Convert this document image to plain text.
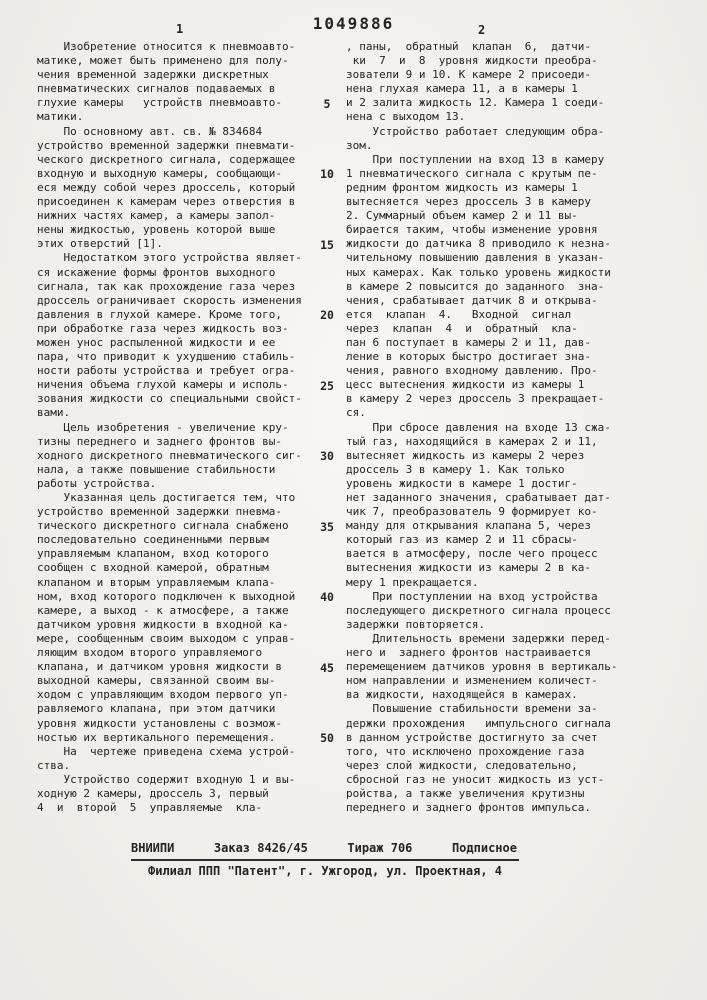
1049886
1	2
Изобретение относится к пневмоавто-
матике, может быть применено для полу-
чения временной задержки дискретных
пневматических сигналов подаваемых в
глухие камеры   устройств пневмоавто-
матики.
По основному авт. св. № 834684
устройство временной задержки пневмати-
ческого дискретного сигнала, содержащее
входную и выходную камеры, сообщающи-
еся между собой через дроссель, который
присоединен к камерам через отверстия в
нижних частях камер, а камеры запол-
нены жидкостью, уровень которой выше
этих отверстий [1].
Недостатком этого устройства являет-
ся искажение формы фронтов выходного
сигнала, так как прохождение газа через
дроссель ограничивает скорость изменения
давления в глухой камере. Кроме того,
при обработке газа через жидкость воз-
можен унос распыленной жидкости и ее
пара, что приводит к ухудшению стабиль-
ности работы устройства и требует огра-
ничения объема глухой камеры и исполь-
зования жидкости со специальными свойст-
вами.
Цель изобретения - увеличение кру-
тизны переднего и заднего фронтов вы-
ходного дискретного пневматического сиг-
нала, а также повышение стабильности
работы устройства.
Указанная цель достигается тем, что
устройство временной задержки пневма-
тического дискретного сигнала снабжено
последовательно соединенными первым
управляемым клапаном, вход которого
сообщен с входной камерой, обратным
клапаном и вторым управляемым клапа-
ном, вход которого подключен к выходной
камере, а выход - к атмосфере, а также
датчиком уровня жидкости в входной ка-
мере, сообщенным своим выходом с управ-
ляющим входом второго управляемого
клапана, и датчиком уровня жидкости в
выходной камеры, связанной своим вы-
ходом с управляющим входом первого уп-
равляемого клапана, при этом датчики
уровня жидкости установлены с возмож-
ностью их вертикального перемещения.
На  чертеже приведена схема устрой-
ства.
Устройство содержит входную 1 и вы-
ходную 2 камеры, дроссель 3, первый
4  и  второй  5  управляемые  кла-
5
10
15
20
25
30
35
40
45
50
, паны,  обратный  клапан  6,  датчи-
ки  7  и  8  уровня жидкости преобра-
зователи 9 и 10. К камере 2 присоеди-
нена глухая камера 11, а в камеры 1
и 2 залита жидкость 12. Камера 1 соеди-
нена с выходом 13.
Устройство работает следующим обра-
зом.
При поступлении на вход 13 в камеру
1 пневматического сигнала с крутым пе-
редним фронтом жидкость из камеры 1
вытесняется через дроссель 3 в камеру
2. Суммарный объем камер 2 и 11 вы-
бирается таким, чтобы изменение уровня
жидкости до датчика 8 приводило к незна-
чительному повышению давления в указан-
ных камерах. Как только уровень жидкости
в камере 2 повысится до заданного  зна-
чения, срабатывает датчик 8 и открыва-
ется  клапан  4.   Входной  сигнал
через  клапан  4  и  обратный  кла-
пан 6 поступает в камеры 2 и 11, дав-
ление в которых быстро достигает зна-
чения, равного входному давлению. Про-
цесс вытеснения жидкости из камеры 1
в камеру 2 через дроссель 3 прекращает-
ся.
При сбросе давления на входе 13 сжа-
тый газ, находящийся в камерах 2 и 11,
вытесняет жидкость из камеры 2 через
дроссель 3 в камеру 1. Как только
уровень жидкости в камере 1 достиг-
нет заданного значения, срабатывает дат-
чик 7, преобразователь 9 формирует ко-
манду для открывания клапана 5, через
который газ из камер 2 и 11 сбрасы-
вается в атмосферу, после чего процесс
вытеснения жидкости из камеры 2 в ка-
меру 1 прекращается.
При поступлении на вход устройства
последующего дискретного сигнала процесс
задержки повторяется.
Длительность времени задержки перед-
него и  заднего фронтов настраивается
перемещением датчиков уровня в вертикаль-
ном направлении и изменением количест-
ва жидкости, находящейся в камерах.
Повышение стабильности времени за-
держки прохождения   импульсного сигнала
в данном устройстве достигнуто за счет
того, что исключено прохождение газа
через слой жидкости, следовательно,
сбросной газ не уносит жидкость из уст-
ройства, а также увеличения крутизны
переднего и заднего фронтов импульса.
ВНИИПИ	Заказ 8426/45	Тираж 706	Подписное
Филиал ППП "Патент", г. Ужгород, ул. Проектная, 4
